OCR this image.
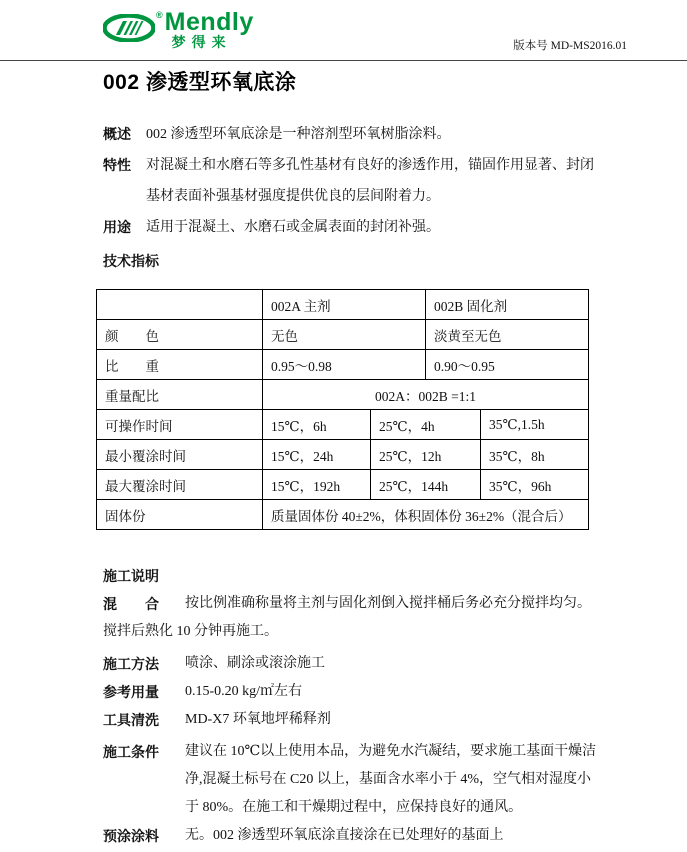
® Mendly
梦得来	版本号 MD-MS2016.01
002 渗透型环氧底涂
概述	002 渗透型环氧底涂是一种溶剂型环氧树脂涂料。
特性	对混凝土和水磨石等多孔性基材有良好的渗透作用，锚固作用显著、封闭基材表面补强基材强度提供优良的层间附着力。
用途	适用于混凝土、水磨石或金属表面的封闭补强。
技术指标
	002A 主剂		002B 固化剂	
颜　　色	无色		淡黄至无色	
比　　重	0.95～0.98		0.90～0.95	
重量配比	002A：002B =1:1			
可操作时间	15℃，6h	25℃，4h		35℃,1.5h
最小覆涂时间	15℃，24h	25℃，12h		35℃，8h
最大覆涂时间	15℃，192h	25℃，144h		35℃，96h
固体份	质量固体份 40±2%，体积固体份 36±2%（混合后）			
施工说明
混　　合	按比例准确称量将主剂与固化剂倒入搅拌桶后务必充分搅拌均匀。
搅拌后熟化 10 分钟再施工。
施工方法	喷涂、刷涂或滚涂施工
参考用量	0.15-0.20 kg/㎡左右
工具清洗	MD-X7 环氧地坪稀释剂
施工条件	建议在 10℃以上使用本品，为避免水汽凝结，要求施工基面干燥洁净,混凝土标号在 C20 以上，基面含水率小于 4%，空气相对湿度小于 80%。在施工和干燥期过程中，应保持良好的通风。
预涂涂料	无。002 渗透型环氧底涂直接涂在已处理好的基面上
